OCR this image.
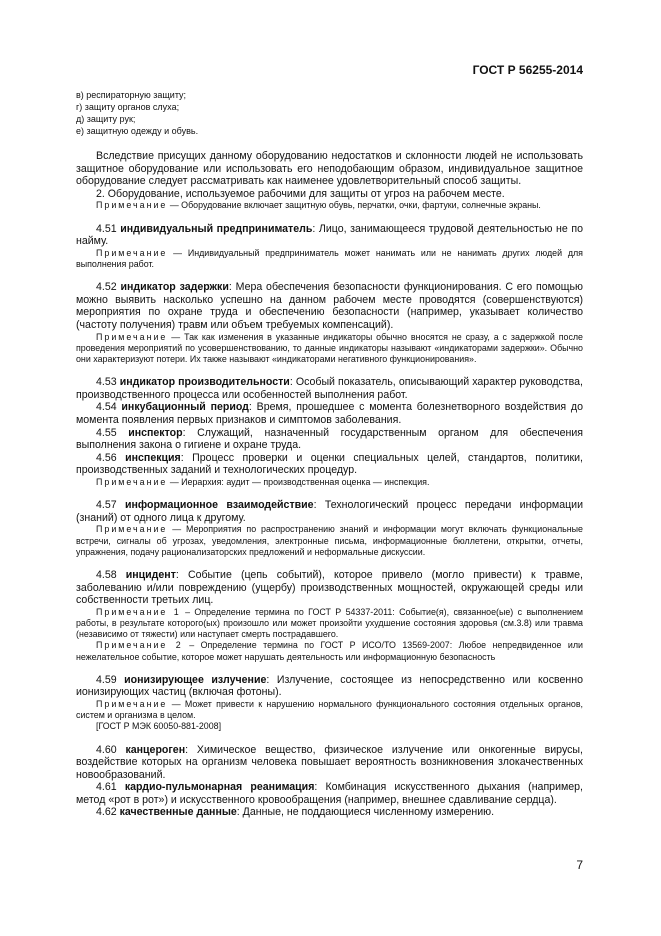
ГОСТ Р 56255-2014
в) респираторную защиту;
г) защиту органов слуха;
д) защиту рук;
е) защитную одежду и обувь.

Вследствие присущих данному оборудованию недостатков и склонности людей не использовать защитное оборудование или использовать его неподобающим образом, индивидуальное защитное оборудование следует рассматривать как наименее удовлетворительный способ защиты.

2. Оборудование, используемое рабочими для защиты от угроз на рабочем месте.

Примечание — Оборудование включает защитную обувь, перчатки, очки, фартуки, солнечные экраны.

4.51 индивидуальный предприниматель: Лицо, занимающееся трудовой деятельностью не по найму.

Примечание — Индивидуальный предприниматель может нанимать или не нанимать других людей для выполнения работ.

4.52 индикатор задержки: Мера обеспечения безопасности функционирования. С его помощью можно выявить насколько успешно на данном рабочем месте проводятся (совершенствуются) мероприятия по охране труда и обеспечению безопасности (например, указывает количество (частоту получения) травм или объем требуемых компенсаций).

Примечание — Так как изменения в указанные индикаторы обычно вносятся не сразу, а с задержкой после проведения мероприятий по усовершенствованию, то данные индикаторы называют «индикаторами задержки». Обычно они характеризуют потери. Их также называют «индикаторами негативного функционирования».

4.53 индикатор производительности: Особый показатель, описывающий характер руководства, производственного процесса или особенностей выполнения работ.

4.54 инкубационный период: Время, прошедшее с момента болезнетворного воздействия до момента появления первых признаков и симптомов заболевания.

4.55 инспектор: Служащий, назначенный государственным органом для обеспечения выполнения закона о гигиене и охране труда.

4.56 инспекция: Процесс проверки и оценки специальных целей, стандартов, политики, производственных заданий и технологических процедур.

Примечание — Иерархия: аудит — производственная оценка — инспекция.

4.57 информационное взаимодействие: Технологический процесс передачи информации (знаний) от одного лица к другому.

Примечание — Мероприятия по распространению знаний и информации могут включать функциональные встречи, сигналы об угрозах, уведомления, электронные письма, информационные бюллетени, открытки, отчеты, упражнения, подачу рационализаторских предложений и неформальные дискуссии.

4.58 инцидент: Событие (цепь событий), которое привело (могло привести) к травме, заболеванию и/или повреждению (ущербу) производственных мощностей, окружающей среды или собственности третьих лиц.

Примечание 1 – Определение термина по ГОСТ Р 54337-2011: Событие(я), связанное(ые) с выполнением работы, в результате которого(ых) произошло или может произойти ухудшение состояния здоровья (см.3.8) или травма (независимо от тяжести) или наступает смерть пострадавшего.

Примечание 2 – Определение термина по ГОСТ Р ИСО/ТО 13569-2007: Любое непредвиденное или нежелательное событие, которое может нарушать деятельность или информационную безопасность

4.59 ионизирующее излучение: Излучение, состоящее из непосредственно или косвенно ионизирующих частиц (включая фотоны).

Примечание — Может привести к нарушению нормального функционального состояния отдельных органов, систем и организма в целом.

[ГОСТ Р МЭК 60050-881-2008]

4.60 канцероген: Химическое вещество, физическое излучение или онкогенные вирусы, воздействие которых на организм человека повышает вероятность возникновения злокачественных новообразований.

4.61 кардио-пульмонарная реанимация: Комбинация искусственного дыхания (например, метод «рот в рот») и искусственного кровообращения (например, внешнее сдавливание сердца).

4.62 качественные данные: Данные, не поддающиеся численному измерению.

7
